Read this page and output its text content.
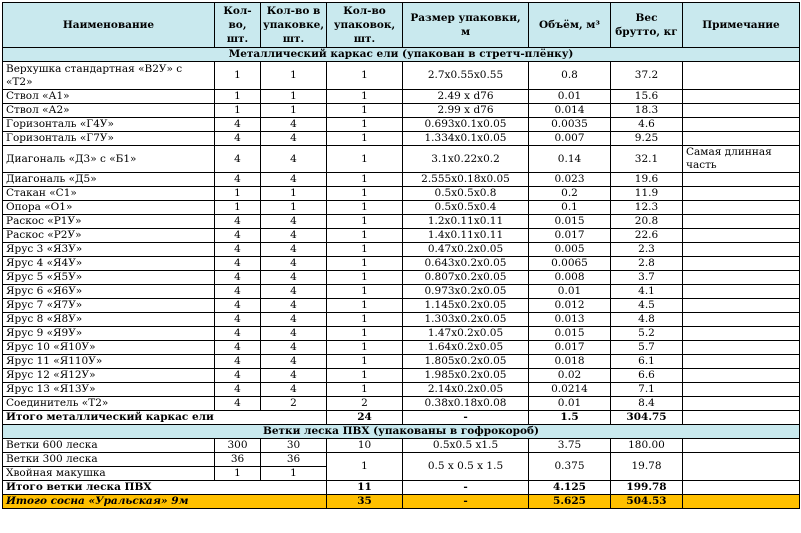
Наименование	Кол-во, шт.	Кол-во в упаковке, шт.	Кол-во упаковок, шт.	Размер упаковки, м	Объём, м³	Вес брутто, кг	Примечание
Металлический каркас ели (упакован в стретч-плёнку)							
Верхушка стандартная «В2У» с «Т2»	1	1	1	2.7х0.55х0.55	0.8	37.2	
Ствол «А1»	1	1	1	2.49 х d76	0.01	15.6	
Ствол «А2»	1	1	1	2.99 х d76	0.014	18.3	
Горизонталь «Г4У»	4	4	1	0.693х0.1х0.05	0.0035	4.6	
Горизонталь «Г7У»	4	4	1	1.334х0.1х0.05	0.007	9.25	
Диагональ «Д3» с «Б1»	4	4	1	3.1х0.22х0.2	0.14	32.1	Самая длинная часть
Диагональ «Д5»	4	4	1	2.555х0.18х0.05	0.023	19.6	
Стакан «С1»	1	1	1	0.5х0.5х0.8	0.2	11.9	
Опора «О1»	1	1	1	0.5х0.5х0.4	0.1	12.3	
Раскос «Р1У»	4	4	1	1.2х0.11х0.11	0.015	20.8	
Раскос «Р2У»	4	4	1	1.4х0.11х0.11	0.017	22.6	
Ярус 3 «Я3У»	4	4	1	0.47х0.2х0.05	0.005	2.3	
Ярус 4 «Я4У»	4	4	1	0.643х0.2х0.05	0.0065	2.8	
Ярус 5 «Я5У»	4	4	1	0.807х0.2х0.05	0.008	3.7	
Ярус 6 «Я6У»	4	4	1	0.973х0.2х0.05	0.01	4.1	
Ярус 7 «Я7У»	4	4	1	1.145х0.2х0.05	0.012	4.5	
Ярус 8 «Я8У»	4	4	1	1.303х0.2х0.05	0.013	4.8	
Ярус 9 «Я9У»	4	4	1	1.47х0.2х0.05	0.015	5.2	
Ярус 10 «Я10У»	4	4	1	1.64х0.2х0.05	0.017	5.7	
Ярус 11 «Я110У»	4	4	1	1.805х0.2х0.05	0.018	6.1	
Ярус 12 «Я12У»	4	4	1	1.985х0.2х0.05	0.02	6.6	
Ярус 13 «Я13У»	4	4	1	2.14х0.2х0.05	0.0214	7.1	
Соединитель «Т2»	4	2	2	0.38х0.18х0.08	0.01	8.4	
Итого металлический каркас ели			24	-	1.5	304.75	
Ветки леска ПВХ (упакованы в гофрокороб)							
Ветки 600 леска	300	30	10	0.5х0.5 х1.5	3.75	180.00	
Ветки 300 леска	36	36	1	0.5 х 0.5 х 1.5	0.375	19.78	
Хвойная макушка	1	1					
Итого ветки леска ПВХ			11	-	4.125	199.78	
Итого сосна «Уральская» 9м			35	-	5.625	504.53	
